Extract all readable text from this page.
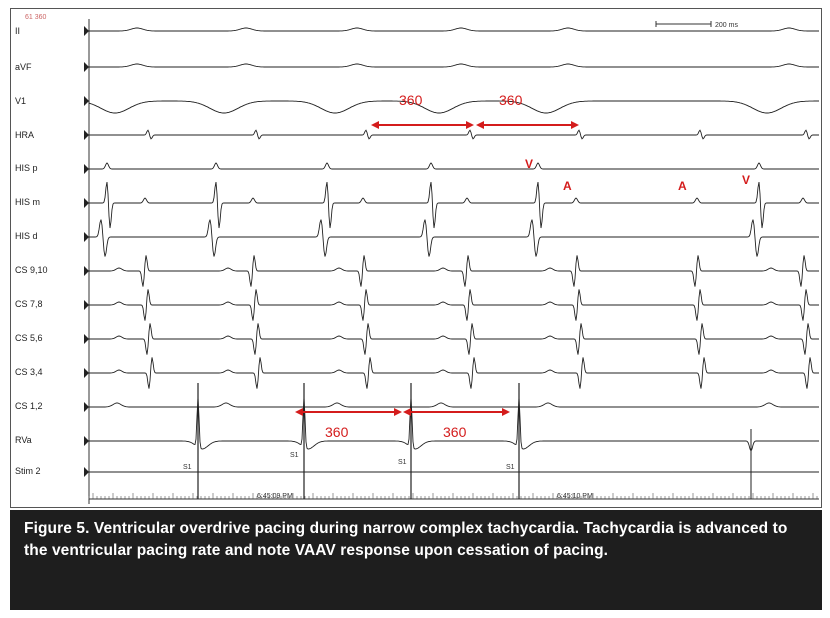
II
aVF
V1
HRA
HIS p
HIS m
HIS d
CS 9,10
CS 7,8
CS 5,6
CS 3,4
CS 1,2
RVa
Stim 2
61 360
200 ms
6:45:09 PM	6:45:10 PM
360	360
360	360
V
A	A	V
S1
S1
S1
S1

Figure 5. Ventricular overdrive pacing during narrow complex tachycardia. Tachycardia is advanced to the ventricular pacing rate and note VAAV response upon cessation of pacing.
